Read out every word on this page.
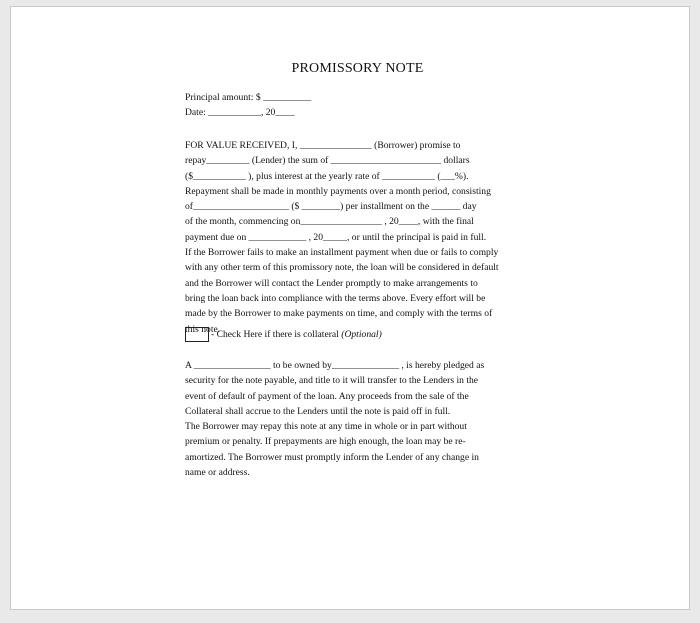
PROMISSORY NOTE
Principal amount: $ __________
Date: ___________, 20____
FOR VALUE RECEIVED, I, _______________ (Borrower) promise to
repay_________ (Lender) the sum of _______________________ dollars
($___________ ), plus interest at the yearly rate of ___________ (___%).
Repayment shall be made in monthly payments over a month period, consisting
of____________________ ($ ________) per installment on the ______ day
of the month, commencing on_________________ , 20____, with the final
payment due on ____________ , 20_____, or until the principal is paid in full.
If the Borrower fails to make an installment payment when due or fails to comply
with any other term of this promissory note, the loan will be considered in default
and the Borrower will contact the Lender promptly to make arrangements to
bring the loan back into compliance with the terms above. Every effort will be
made by the Borrower to make payments on time, and comply with the terms of
this note.
- Check Here if there is collateral (Optional)
A ________________ to be owned by______________ , is hereby pledged as
security for the note payable, and title to it will transfer to the Lenders in the
event of default of payment of the loan. Any proceeds from the sale of the
Collateral shall accrue to the Lenders until the note is paid off in full.
The Borrower may repay this note at any time in whole or in part without
premium or penalty. If prepayments are high enough, the loan may be re-
amortized. The Borrower must promptly inform the Lender of any change in
name or address.
